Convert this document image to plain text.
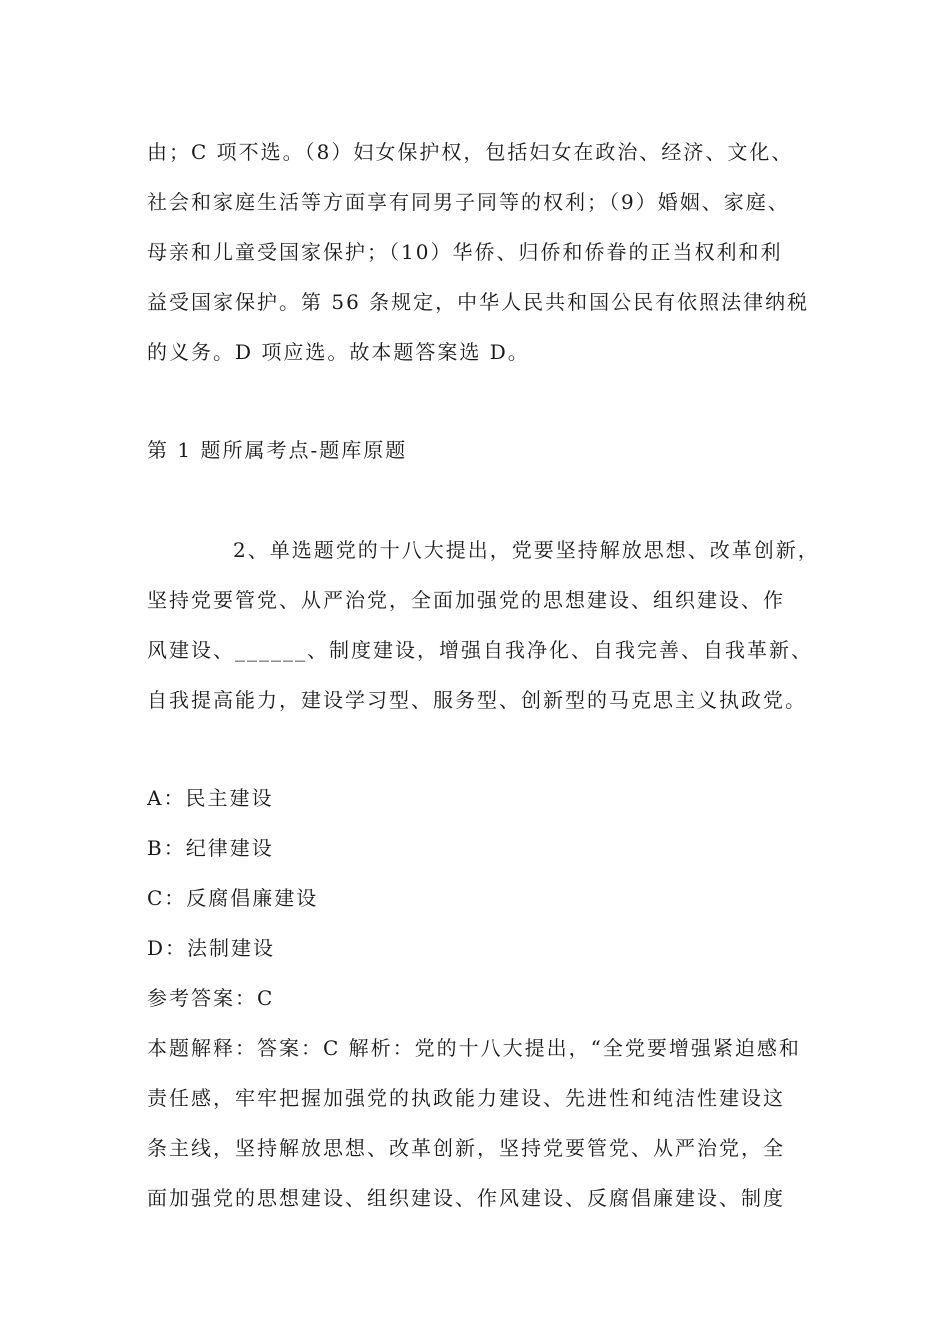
由；C 项不选。（8）妇女保护权，包括妇女在政治、经济、文化、
社会和家庭生活等方面享有同男子同等的权利；（9）婚姻、家庭、
母亲和儿童受国家保护；（10）华侨、归侨和侨眷的正当权利和利
益受国家保护。第 56 条规定，中华人民共和国公民有依照法律纳税
的义务。D 项应选。故本题答案选 D。
第 1 题所属考点-题库原题
2、单选题党的十八大提出，党要坚持解放思想、改革创新，
坚持党要管党、从严治党，全面加强党的思想建设、组织建设、作
风建设、______、制度建设，增强自我净化、自我完善、自我革新、
自我提高能力，建设学习型、服务型、创新型的马克思主义执政党。
A：民主建设
B：纪律建设
C：反腐倡廉建设
D：法制建设
参考答案：C
本题解释：答案：C 解析：党的十八大提出，“全党要增强紧迫感和
责任感，牢牢把握加强党的执政能力建设、先进性和纯洁性建设这
条主线，坚持解放思想、改革创新，坚持党要管党、从严治党，全
面加强党的思想建设、组织建设、作风建设、反腐倡廉建设、制度
